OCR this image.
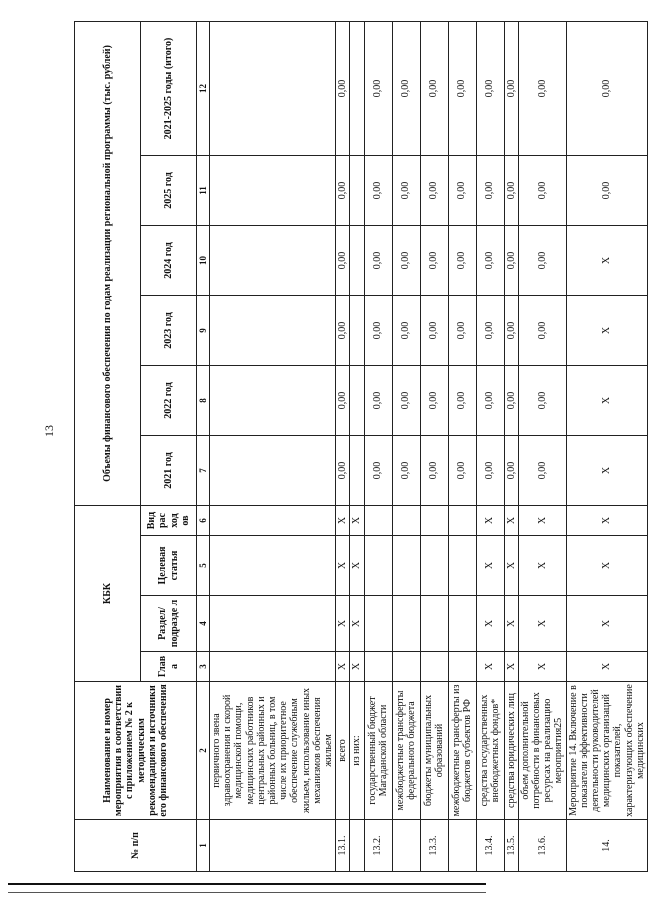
13
№ п/п	Наименование и номер мероприятия в соответствии с приложением № 2 к методическим рекомендациям и источники его финансового обеспечения	КБК				Объемы финансового обеспечения по годам реализации региональной программы (тыс. рублей)					
		Глав а	Раздел/ подразде л	Целевая статья	Вид рас ход ов	2021 год	2022 год	2023 год	2024 год	2025 год	2021-2025 годы (итого)
1	2	3	4	5	6	7	8	9	10	11	12
	первичного звена здравоохранения и скорой медицинской помощи, медицинских работников центральных районных и районных больниц, в том числе их приоритетное обеспечение служебным жильем, использование иных механизмов обеспечения жильем										
13.1.	всего	Х	Х	Х	Х	0,00	0,00	0,00	0,00	0,00	0,00
	из них:	Х	Х	Х	Х						
13.2.	государственный бюджет Магаданской области					0,00	0,00	0,00	0,00	0,00	0,00
	межбюджетные трансферты федерального бюджета					0,00	0,00	0,00	0,00	0,00	0,00
13.3.	бюджеты муниципальных образований					0,00	0,00	0,00	0,00	0,00	0,00
	межбюджетные трансферты из бюджетов субъектов РФ					0,00	0,00	0,00	0,00	0,00	0,00
13.4.	средства государственных внебюджетных фондов*	Х	Х	Х	Х	0,00	0,00	0,00	0,00	0,00	0,00
13.5.	средства юридических лиц	Х	Х	Х	Х	0,00	0,00	0,00	0,00	0,00	0,00
13.6.	объем дополнительной потребности в финансовых ресурсах на реализацию мероприятия25	Х	Х	Х	Х	0,00	0,00	0,00	0,00	0,00	0,00
14.	Мероприятие 14. Включение в показатели эффективности деятельности руководителей медицинских организаций показателей, характеризующих обеспечение медицинских	Х	Х	Х	Х	Х	Х	Х	Х	0,00	0,00
